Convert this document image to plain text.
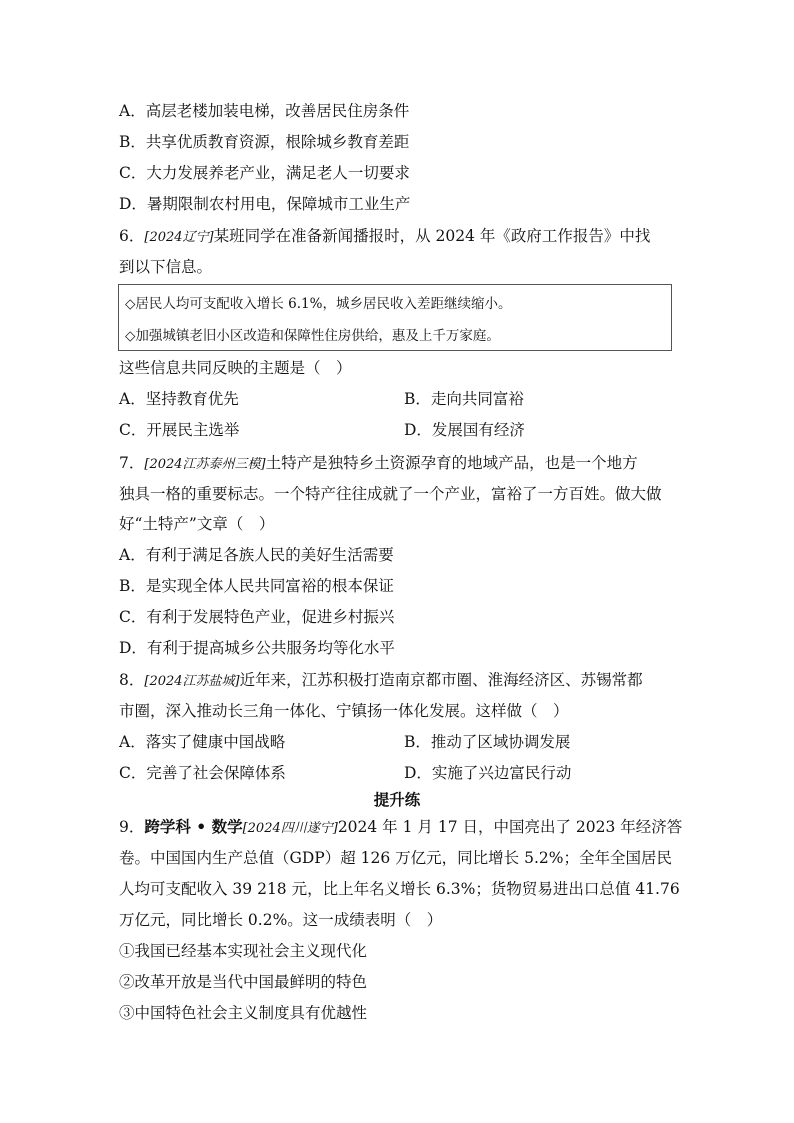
A．高层老楼加装电梯，改善居民住房条件
B．共享优质教育资源，根除城乡教育差距
C．大力发展养老产业，满足老人一切要求
D．暑期限制农村用电，保障城市工业生产
6．[2024辽宁]某班同学在准备新闻播报时，从 2024 年《政府工作报告》中找
到以下信息。
◇居民人均可支配收入增长 6.1%，城乡居民收入差距继续缩小。
◇加强城镇老旧小区改造和保障性住房供给，惠及上千万家庭。
这些信息共同反映的主题是（　）
A．坚持教育优先	B．走向共同富裕
C．开展民主选举	D．发展国有经济
7．[2024江苏泰州三模]土特产是独特乡土资源孕育的地域产品，也是一个地方
独具一格的重要标志。一个特产往往成就了一个产业，富裕了一方百姓。做大做
好“土特产”文章（　）
A．有利于满足各族人民的美好生活需要
B．是实现全体人民共同富裕的根本保证
C．有利于发展特色产业，促进乡村振兴
D．有利于提高城乡公共服务均等化水平
8．[2024江苏盐城]近年来，江苏积极打造南京都市圈、淮海经济区、苏锡常都
市圈，深入推动长三角一体化、宁镇扬一体化发展。这样做（　）
A．落实了健康中国战略	B．推动了区域协调发展
C．完善了社会保障体系	D．实施了兴边富民行动
提升练
9．跨学科 • 数学[2024四川遂宁]2024 年 1 月 17 日，中国亮出了 2023 年经济答
卷。中国国内生产总值（GDP）超 126 万亿元，同比增长 5.2%；全年全国居民
人均可支配收入 39 218 元，比上年名义增长 6.3%；货物贸易进出口总值 41.76
万亿元，同比增长 0.2%。这一成绩表明（　）
①我国已经基本实现社会主义现代化
②改革开放是当代中国最鲜明的特色
③中国特色社会主义制度具有优越性
